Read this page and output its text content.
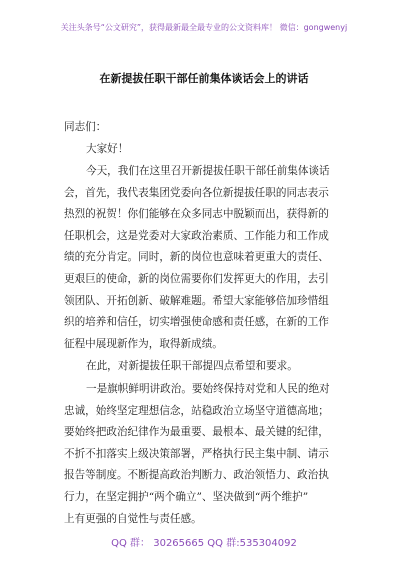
关注头条号“公文研究”，获得最新最全最专业的公文资料库！ 微信：gongwenyj
在新提拔任职干部任前集体谈话会上的讲话
同志们：
大家好！
今天，我们在这里召开新提拔任职干部任前集体谈话
会，首先，我代表集团党委向各位新提拔任职的同志表示
热烈的祝贺！你们能够在众多同志中脱颖而出，获得新的
任职机会，这是党委对大家政治素质、工作能力和工作成
绩的充分肯定。同时，新的岗位也意味着更重大的责任、
更艰巨的使命，新的岗位需要你们发挥更大的作用，去引
领团队、开拓创新、破解难题。希望大家能够倍加珍惜组
织的培养和信任，切实增强使命感和责任感，在新的工作
征程中展现新作为，取得新成绩。
在此，对新提拔任职干部提四点希望和要求。
一是旗帜鲜明讲政治。要始终保持对党和人民的绝对
忠诚，始终坚定理想信念，站稳政治立场坚守道德高地；
要始终把政治纪律作为最重要、最根本、最关键的纪律，
不折不扣落实上级决策部署，严格执行民主集中制、请示
报告等制度。不断提高政治判断力、政治领悟力、政治执
行力，在坚定拥护“两个确立”、坚决做到“两个维护”
上有更强的自觉性与责任感。
QQ 群： 30265665 QQ 群:535304092
